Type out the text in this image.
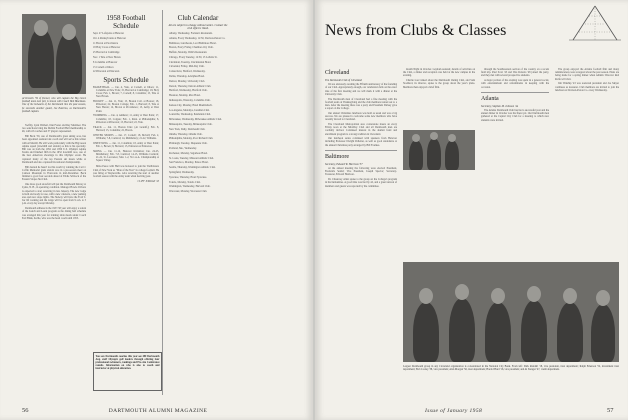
Al Kronick '59 of Denver, who will captain the Big Green football team next fall, is shown with Coach Bob Blackman. One of the bulwarks of the Dartmouth line the past season, he succeeds another guard, Joe Palermo, as Dartmouth's football captain.

Swiftly, Lynn Walbert, Dan Foster and Ray Martinez. The two selections bring the Dublin Football Hall membership to 46, with 43 coaches and 37 players represented.

Bill Beck '59, one of Dartmouth's great skiing aces, has been appointed assistant ski coach and will serve this winter with Al Merrill. He will work particularly with the Big Green Alpine squad (downhill and slalom) as this is his specialty. Bill was on both the 1952 and 1956 U.S. Olympic Alpine Teams and finished fifth in the 1952 downhill race, one of the best American showings in this Olympic event. He captured many of the top Eastern ski meets while at Dartmouth and also captured his national championship.

Bill desired he hasn't lost his touch by winning the Carl J. Coffin Memorial giant slalom race in a pre-season meet on Cannon Mountain in Franconia in mid-December. Beck finished a good four seconds ahead of Eddie Schnock of the Eastern Slopes Ski Club.

One more good snowfall will put the Dartmouth Skiway at Lyme, N. H., in operating condition. Manager Howie Chivers is expected to start receiving in late January. The new lodge is built and ready for use, with a new cafeteria, a new parking area and new slope lights. The Skiway will have the Ford T-bar lift working and the lodge will be open from 9 a.m. to 5 p.m. every day except Monday.

Dartmouth athletes in the 1957-58 year will enjoy a return of the Lunch and Learn program as the dining hall schedule was arranged this year for training table meals under Coach Earl Blaik, Kollie, who was the head coach until 1955.

1958 Football Schedule

Sept. 27 Lafayette at Hanover

Oct. 4 Pennsylvania at Hanover

11 Brown at Providence

18 Holy Cross at Hanover

25 Harvard at Cambridge

Nov. 1 Yale at New Haven

8 Columbia at Hanover

15 Cornell at Ithaca

22 Princeton at Princeton

Sports Schedule

BASKETBALL — Jan. 4, Yale, at Cornell, at Ithaca; 11, Columbia at New York; 15, Harvard at Cambridge; 18, Holy Cross; Feb. 1, Brown; 7, Cornell; 8, Columbia; 15, Yale at New Haven.

HOCKEY — Jan. 11, Yale; 15, Boston Coll. at Boston; 18, Princeton; 22, Boston College; Feb. 1, Harvard; 8, Yale at New Haven; 12, Brown at Providence; 15, Army at West Point.

SWIMMING — Jan. 4, Amherst; 11, Army at West Point; 17, Columbia; 18, Colgate; Feb. 1, Penn. at Philadelphia; 8, Princeton at Princeton; 15, Harvard; 22, Yale.

TRACK — Jan. 11, Boston Univ. (At Grandf.); Feb. 8, Harvard; 15, Columbia; 22, Brown.

WINTER SPORTS — Jan. 17, Cornell; 18, McGill; Feb. 2, Williams; 7-8, Carnival; 14, Middlebury; 21-22, Williams.

WRESTLING — Jan. 11, Columbia; 18, Army at West Point; Feb. 1, Brown; 8, Harvard; 15, Princeton at Princeton.

SKIING — Jan. 11-12, Hanover Invitation; Jan. 24-25, Middlebury; Feb. 7-8, Carnival; 14-15, Williams Carnival; 21-22, St. Lawrence; Mar. 1-2, N.C.A.A. Championship at Squaw Valley.

Mina Peace with Hull was honored to join the Trailblazers Club of New York as "Man of the Year" in college football. He was firing at Waynesville. Alva receiving the start of another football season with the Army team when deriving past.

CLIFF JORDAN '45

You saw Dartmouth coaches this year see 480 Dartmouth Aug. staff Olympic golf leaders through offering four professional swimmers, rankings and Pro-Am Conference rounds. Information on who is also to coach and instructor at physical education.
Club Calendar

All are subject to change without notice. Contact the club officers listed.

Albany, Wednesday, Fortune's Restaurant.

Atlanta, Every Wednesday, 12:30, Davison-Paxon Co.

Baltimore, Luncheons, Lord Baltimore Hotel.

Boston, Every Friday, Chamber-City Club.

Buffalo, Monday, Wahl's Restaurant.

Chicago, Every Tuesday, 12:30, 13 LaSalle St.

Cincinnati, Tuesday, Cincinnatian Hotel.

Cleveland, Friday, Mid-Day Club.

Connecticut, Hartford, Wednesday.

Dallas, Thursday, Adolphus Hotel.

Denver, Monday, University Club.

Detroit, Thursday, Detroit Athletic Club.

Hartford, Wednesday, Hartford Club.

Houston, Monday, Rice Hotel.

Indianapolis, Thursday, Columbia Club.

Kansas City, Monday, Hotel Muehlebach.

Los Angeles, Mondays, Jonathan Club.

Louisville, Wednesday, Pendennis Club.

Milwaukee, Wednesday, Milwaukee Athletic Club.

Minneapolis, Tuesday, Minneapolis Club.

New York, Daily, Dartmouth Club.

Omaha, Thursday, Omaha Club.

Philadelphia, Monday, Poor Richard Club.

Pittsburgh, Tuesday, Duquesne Club.

Portland, Me., Wednesday.

Rochester, Monday, Sagamore Hotel.

St. Louis, Tuesday, Missouri Athletic Club.

San Francisco, Monday, Palace Hotel.

Seattle, Thursday, Washington Athletic Club.

Springfield, Wednesday.

Syracuse, Thursday, Hotel Syracuse.

Toledo, Monday, Toledo Club.

Washington, Wednesday, Harvard Club.

Worcester, Monday, Worcester Club.

56	DARTMOUTH ALUMNI MAGAZINE
News from Clubs & Classes
Cleveland

The Dartmouth Club of Cleveland

We are anxiously awaiting the Fiftieth anniversary of the founding of our Club. Appropriately enough, our celebration falls on the exact date of the first meeting and we will mark it with a dinner at the University Club.

The Dartmouth men of Cleveland had a fine meeting with the football team on Thanksgiving and the club members turned out to a man. After the meeting there was a party and President Dickey gave a report on the College.

Our annual Christmas luncheon was held as usual and was a big success. We are pleased to welcome some new members who have recently moved to Cleveland.

The Cleveland Metropolitan area cornerstone meets an every Friday noon at the Mid-Day Club and all Dartmouth men are cordially invited. Continued interest in the alumni fund and enrollment program is a strong tradition in Cleveland.

Our luncheon series continued with speakers from Hanover including Professor Dwight Pelletier, as well as good attendance at the annual Christmas party arranged by Bill Foulkes.

Baltimore

Secretary, Edward W. Harrison '37

At the annual meeting the following were elected: President, Frederick Seidel; Vice President, Joseph Spector; Secretary-Treasurer, Edward Harrison.

Dr. Chauncey Allen spoke to the group on the College's program in the humanities. A good time was had by all, and a great turnout of members and guests was reported by the committee.

month Night in October. Gaydam assisted; details of activities on the Club, a dinner and reception was held at the new campus in the evening.

Charlie Lorz talked about the Dartmouth Outing Club, and Sam Stoddard, its director, spoke to the group about the year's plans. Members then enjoyed a brief film.

through the Southwestern section of the country on a recent field trip. Paul Scott '45 and Wes Roberts '48 joined the party, and they met with several prospective students.

A major portion of the evening was spent in a general social, with entertainment and refreshments in keeping with the occasion.

Atlanta

Secretary, Stephen M. Johnson '44

The Atlanta Dartmouth Club has had a successful year and the annual dinner in October was the finest yet. Our Dartmouth men gathered at the Capital City Club for a meeting to which new students were invited.

The group enjoyed the Atlanta football film and many reminiscences were swapped about the past season. Plans are being made for a spring dinner when Athletic Director Red Rolfe will visit.

Jim Winship '43 was reelected president and Joe Meyer continues as treasurer. Club members are invited to join the luncheon at Davison-Paxon Co. every Wednesday.

Largest Dartmouth group in any Cleveland organization is concentrated in the National City Bank. From left: Dick Randall '18, vice president, trust department; Ralph Emerson '52, investment trust department; Bob Cooley '38, vice president; Alan Morgan '56, trust department; Harold Hurd '16, vice president; and Al Stenger '47, credit department.
Issue of January 1958	57
